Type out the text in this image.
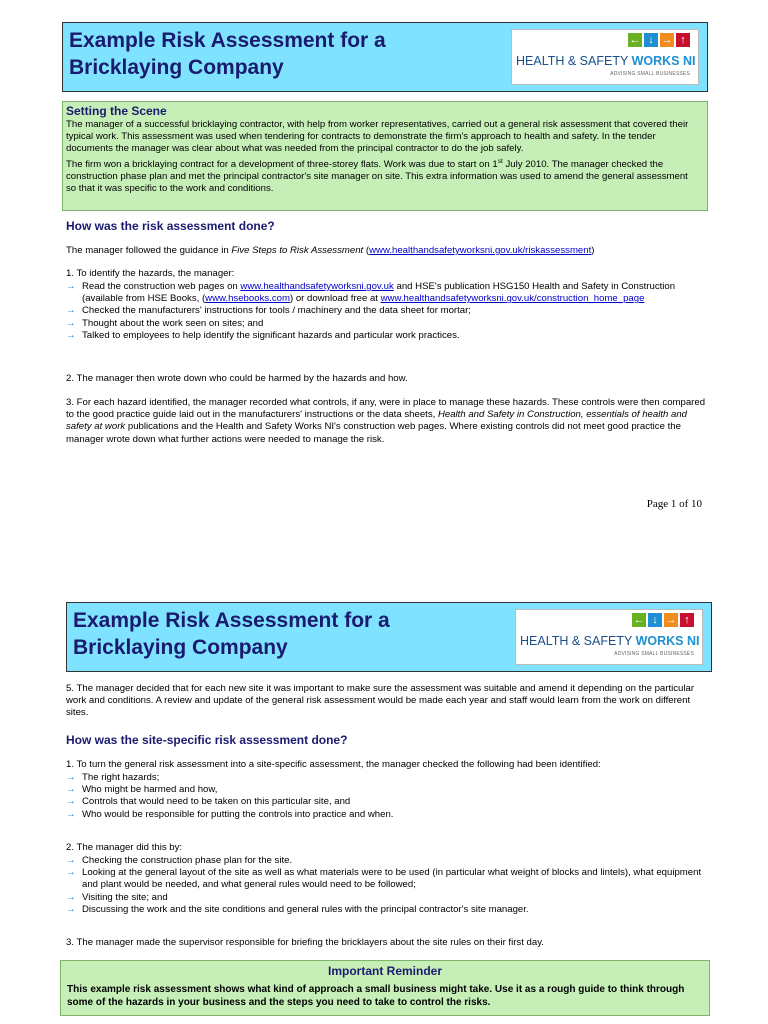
Example Risk Assessment for a Bricklaying Company
← ↓ → ↑
HEALTH & SAFETY WORKS NI
ADVISING SMALL BUSINESSES
Setting the Scene
The manager of a successful bricklaying contractor, with help from worker representatives, carried out a general risk assessment that covered their typical work. This assessment was used when tendering for contracts to demonstrate the firm's approach to health and safety. In the tender documents the manager was clear about what was needed from the principal contractor to do the job safely.
The firm won a bricklaying contract for a development of three-storey flats. Work was due to start on 1st July 2010. The manager checked the construction phase plan and met the principal contractor's site manager on site. This extra information was used to amend the general assessment so that it was specific to the work and conditions.
How was the risk assessment done?
The manager followed the guidance in Five Steps to Risk Assessment (www.healthandsafetyworksni.gov.uk/riskassessment)
1. To identify the hazards, the manager:
→ Read the construction web pages on www.healthandsafetyworksni.gov.uk and HSE's publication HSG150 Health and Safety in Construction (available from HSE Books, (www.hsebooks.com) or download free at www.healthandsafetyworksni.gov.uk/construction_home_page
→ Checked the manufacturers' instructions for tools / machinery and the data sheet for mortar;
→ Thought about the work seen on sites; and
→ Talked to employees to help identify the significant hazards and particular work practices.
2. The manager then wrote down who could be harmed by the hazards and how.
3. For each hazard identified, the manager recorded what controls, if any, were in place to manage these hazards. These controls were then compared to the good practice guide laid out in the manufacturers' instructions or the data sheets, Health and Safety in Construction, essentials of health and safety at work publications and the Health and Safety Works NI's construction web pages. Where existing controls did not meet good practice the manager wrote down what further actions were needed to manage the risk.
Page 1 of 10
Example Risk Assessment for a Bricklaying Company
← ↓ → ↑
HEALTH & SAFETY WORKS NI
ADVISING SMALL BUSINESSES
5. The manager decided that for each new site it was important to make sure the assessment was suitable and amend it depending on the particular work and conditions. A review and update of the general risk assessment would be made each year and staff would learn from the work on different sites.
How was the site-specific risk assessment done?
1. To turn the general risk assessment into a site-specific assessment, the manager checked the following had been identified:
→ The right hazards;
→ Who might be harmed and how,
→ Controls that would need to be taken on this particular site, and
→ Who would be responsible for putting the controls into practice and when.
2. The manager did this by:
→ Checking the construction phase plan for the site.
→ Looking at the general layout of the site as well as what materials were to be used (in particular what weight of blocks and lintels), what equipment and plant would be needed, and what general rules would need to be followed;
→ Visiting the site; and
→ Discussing the work and the site conditions and general rules with the principal contractor's site manager.
3. The manager made the supervisor responsible for briefing the bricklayers about the site rules on their first day.
Important Reminder
This example risk assessment shows what kind of approach a small business might take. Use it as a rough guide to think through some of the hazards in your business and the steps you need to take to control the risks.
